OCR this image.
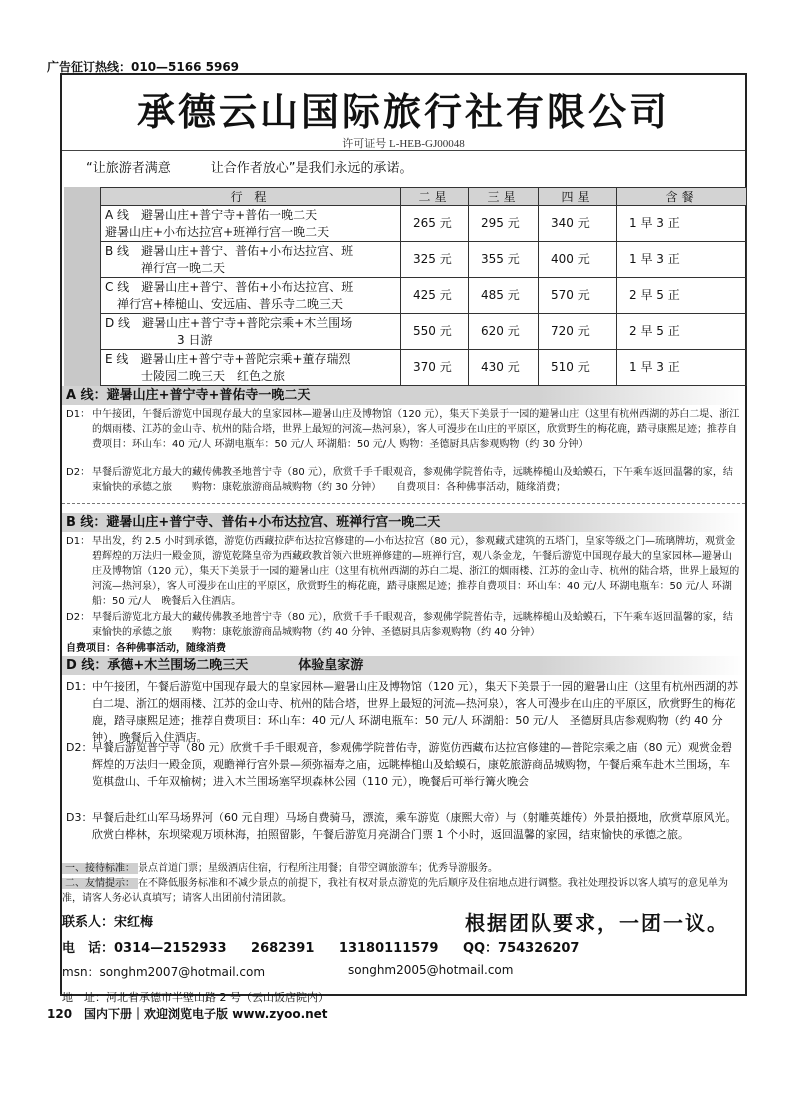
广告征订热线：010—5166 5969
承德云山国际旅行社有限公司
许可证号 L-HEB-GJ00048
“让旅游者满意	让合作者放心”是我们永远的承诺。
行 程	二星	三星	四星	含餐
A 线　避暑山庄+普宁寺+普佑一晚二天
避暑山庄+小布达拉宫+班禅行宫一晚二天	265 元	295 元	340 元	1 早 3 正
B 线　避暑山庄+普宁、普佑+小布达拉宫、班
　　　禅行宫一晚二天	325 元	355 元	400 元	1 早 3 正
C 线　避暑山庄+普宁、普佑+小布达拉宫、班
　禅行宫+棒槌山、安远庙、普乐寺二晚三天	425 元	485 元	570 元	2 早 5 正
D 线　避暑山庄+普宁寺+普陀宗乘+木兰围场
　　　　　　3 日游	550 元	620 元	720 元	2 早 5 正
E 线　避暑山庄+普宁寺+普陀宗乘+董存瑞烈
　　　士陵园二晚三天　红色之旅	370 元	430 元	510 元	1 早 3 正
A 线：避暑山庄+普宁寺+普佑寺一晚二天
D1： 中午接团，午餐后游览中国现存最大的皇家园林—避暑山庄及博物馆（120 元），集天下美景于一园的避暑山庄（这里有杭州西湖的苏白二堤、浙江的烟雨楼、江苏的金山寺、杭州的陆合塔，世界上最短的河流—热河泉），客人可漫步在山庄的平原区，欣赏野生的梅花鹿，踏寻康熙足迹；推荐自费项目：环山车：40 元/人 环湖电瓶车：50 元/人 环湖船：50 元/人 购物：圣德厨具店参观购物（约 30 分钟）
D2： 早餐后游览北方最大的藏传佛教圣地普宁寺（80 元），欣赏千手千眼观音，参观佛学院普佑寺，远眺棒槌山及蛤蟆石，下午乘车返回温馨的家，结束愉快的承德之旅　　购物：康乾旅游商品城购物（约 30 分钟）　　自费项目：各种佛事活动，随缘消费；
B 线：避暑山庄+普宁寺、普佑+小布达拉宫、班禅行宫一晚二天
D1： 早出发，约 2.5 小时到承德，游览仿西藏拉萨布达拉宫修建的—小布达拉宫（80 元），参观藏式建筑的五塔门，皇家等级之门—琉璃牌坊，观赏金碧辉煌的万法归一殿金顶，游览乾隆皇帝为西藏政教首领六世班禅修建的—班禅行宫，观八条金龙，午餐后游览中国现存最大的皇家园林—避暑山庄及博物馆（120 元），集天下美景于一园的避暑山庄（这里有杭州西湖的苏白二堤、浙江的烟雨楼、江苏的金山寺、杭州的陆合塔，世界上最短的河流—热河泉），客人可漫步在山庄的平原区，欣赏野生的梅花鹿，踏寻康熙足迹；推荐自费项目：环山车：40 元/人 环湖电瓶车：50 元/人 环湖船：50 元/人　晚餐后入住酒店。
D2： 早餐后游览北方最大的藏传佛教圣地普宁寺（80 元），欣赏千手千眼观音，参观佛学院普佑寺，远眺棒槌山及蛤蟆石，下午乘车返回温馨的家，结束愉快的承德之旅　　购物：康乾旅游商品城购物（约 40 分钟、圣德厨具店参观购物（约 40 分钟）
自费项目：各种佛事活动，随缘消费
D 线：承德+木兰围场二晚三天	体验皇家游
D1：中午接团，午餐后游览中国现存最大的皇家园林—避暑山庄及博物馆（120 元），集天下美景于一园的避暑山庄（这里有杭州西湖的苏白二堤、浙江的烟雨楼、江苏的金山寺、杭州的陆合塔，世界上最短的河流—热河泉），客人可漫步在山庄的平原区，欣赏野生的梅花鹿，踏寻康熙足迹；推荐自费项目：环山车：40 元/人 环湖电瓶车：50 元/人 环湖船：50 元/人　圣德厨具店参观购物（约 40 分钟），晚餐后入住酒店。
D2：早餐后游览普宁寺（80 元）欣赏千手千眼观音，参观佛学院普佑寺，游览仿西藏布达拉宫修建的—普陀宗乘之庙（80 元）观赏金碧辉煌的万法归一殿金顶，观瞻禅行宫外景—须弥福寿之庙，远眺棒槌山及蛤蟆石，康乾旅游商品城购物，午餐后乘车赴木兰围场，车览棋盘山、千年双榆树；进入木兰围场塞罕坝森林公园（110 元），晚餐后可举行篝火晚会
D3：早餐后赴红山军马场界河（60 元自理）马场自费骑马，漂流，乘车游览（康熙大帝）与（射雕英雄传）外景拍摄地，欣赏草原风光。欣赏白桦林，东坝梁观万顷林海，拍照留影，午餐后游览月亮湖合门票 1 个小时，返回温馨的家园，结束愉快的承德之旅。
一、接待标准： 景点首道门票；星级酒店住宿，行程所注用餐；自带空调旅游车；优秀导游服务。
二、友情提示： 在不降低服务标准和不减少景点的前提下，我社有权对景点游览的先后顺序及住宿地点进行调整。我社处理投诉以客人填写的意见单为准，请客人务必认真填写；请客人出团前付清团款。
联系人：宋红梅
电　话：0314—2152933 2682391 13180111579 QQ：754326207
msn：songhm2007@hotmail.com	songhm2005@hotmail.com
地　址：河北省承德市半壁山路 2 号（云山饭店院内）
根据团队要求，一团一议。
120　国内下册｜欢迎浏览电子版 www.zyoo.net
